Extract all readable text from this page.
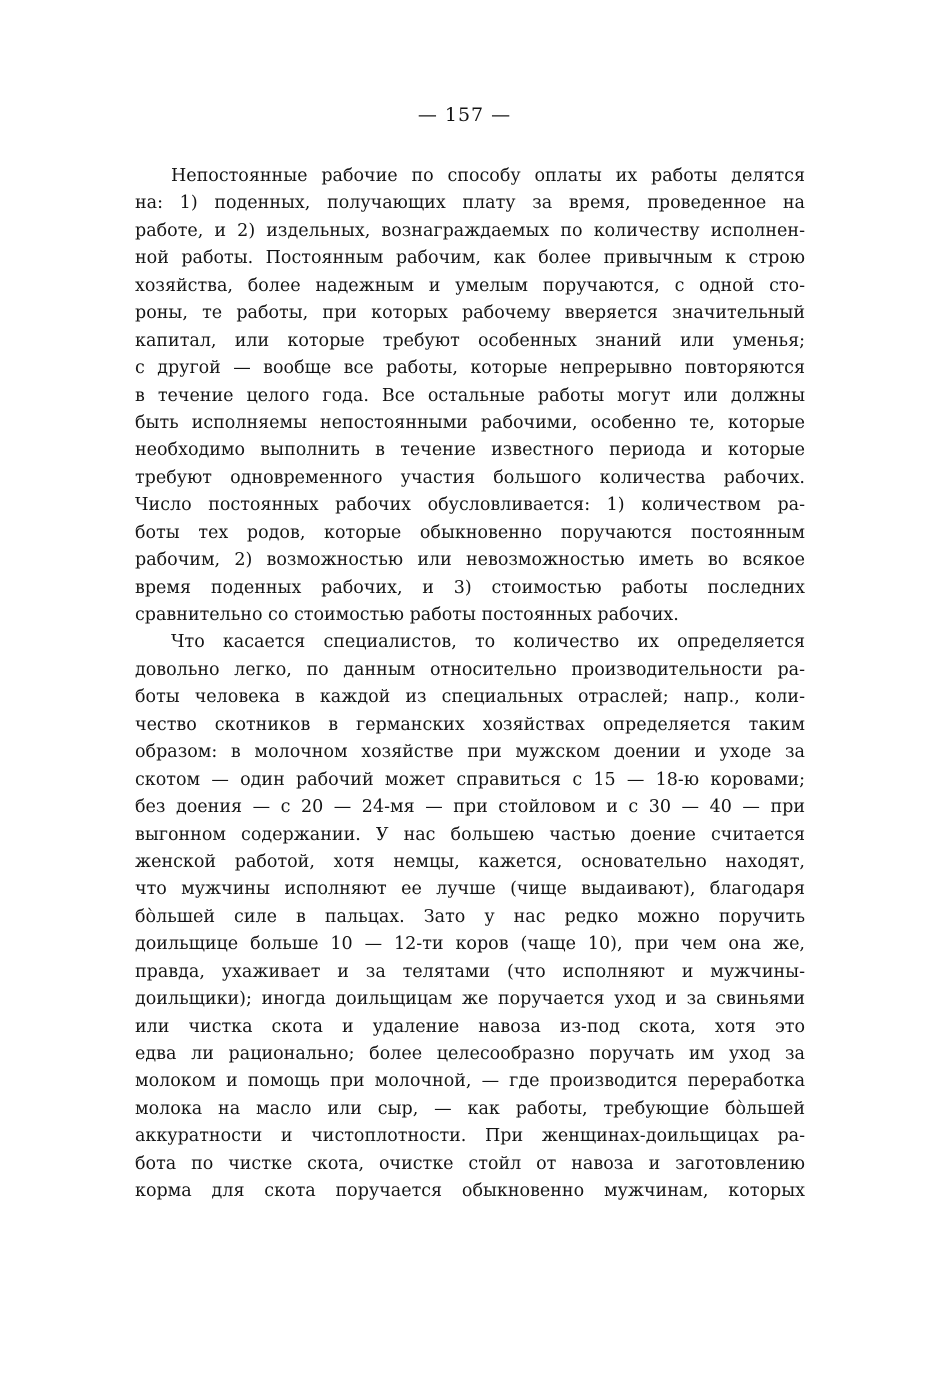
— 157 —
Непостоянные рабочие по способу оплаты их работы делятся
на: 1) поденных, получающих плату за время, проведенное на
работе, и 2) издельных, вознаграждаемых по количеству исполнен-
ной работы. Постоянным рабочим, как более привычным к строю
хозяйства, более надежным и умелым поручаются, с одной сто-
роны, те работы, при которых рабочему вверяется значительный
капитал, или которые требуют особенных знаний или уменья;
с другой — вообще все работы, которые непрерывно повторяются
в течение целого года. Все остальные работы могут или должны
быть исполняемы непостоянными рабочими, особенно те, которые
необходимо выполнить в течение известного периода и которые
требуют одновременного участия большого количества рабочих.
Число постоянных рабочих обусловливается: 1) количеством ра-
боты тех родов, которые обыкновенно поручаются постоянным
рабочим, 2) возможностью или невозможностью иметь во всякое
время поденных рабочих, и 3) стоимостью работы последних
сравнительно со стоимостью работы постоянных рабочих.
Что касается специалистов, то количество их определяется
довольно легко, по данным относительно производительности ра-
боты человека в каждой из специальных отраслей; напр., коли-
чество скотников в германских хозяйствах определяется таким
образом: в молочном хозяйстве при мужском доении и уходе за
скотом — один рабочий может справиться с 15 — 18-ю коровами;
без доения — с 20 — 24-мя — при стойловом и с 30 — 40 — при
выгонном содержании. У нас большею частью доение считается
женской работой, хотя немцы, кажется, основательно находят,
что мужчины исполняют ее лучше (чище выдаивают), благодаря
бо̀льшей силе в пальцах. Зато у нас редко можно поручить
доильщице больше 10 — 12-ти коров (чаще 10), при чем она же,
правда, ухаживает и за телятами (что исполняют и мужчины-
доильщики); иногда доильщицам же поручается уход и за свиньями
или чистка скота и удаление навоза из-под скота, хотя это
едва ли рационально; более целесообразно поручать им уход за
молоком и помощь при молочной, — где производится переработка
молока на масло или сыр, — как работы, требующие бо̀льшей
аккуратности и чистоплотности. При женщинах-доильщицах ра-
бота по чистке скота, очистке стойл от навоза и заготовлению
корма для скота поручается обыкновенно мужчинам, которых
